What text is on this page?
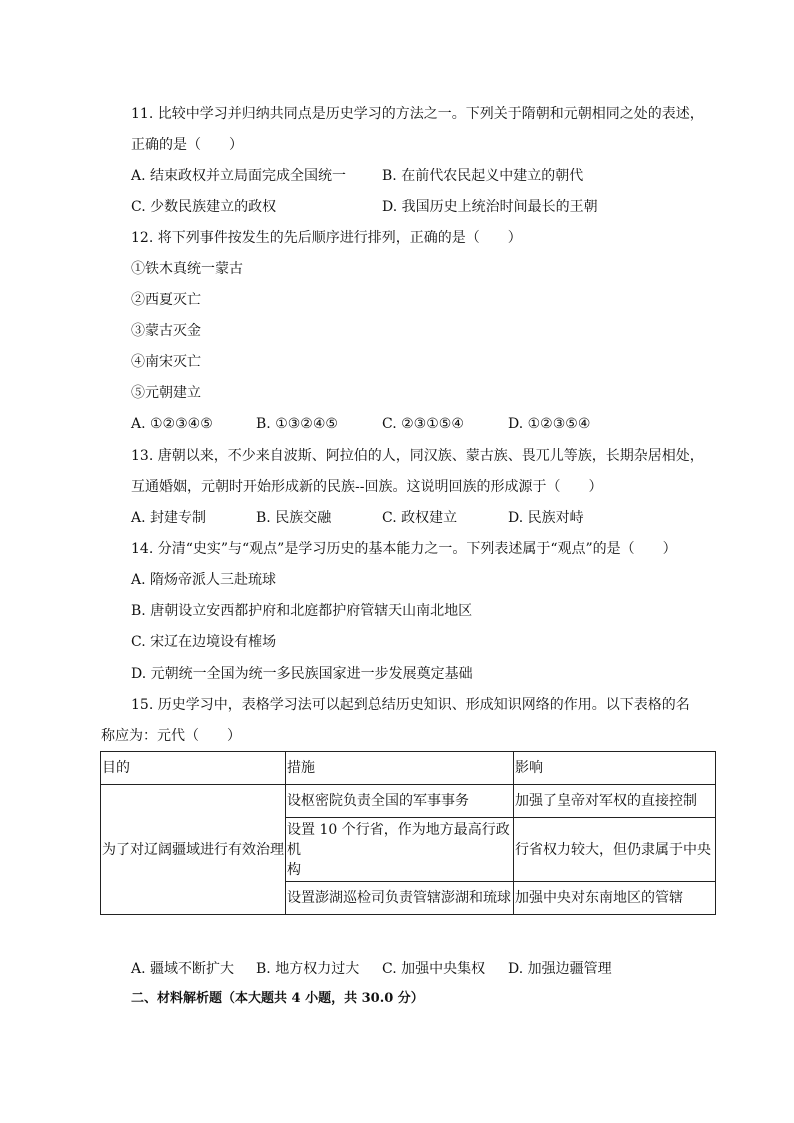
11. 比较中学习并归纳共同点是历史学习的方法之一。下列关于隋朝和元朝相同之处的表述，
正确的是（　　）
A. 结束政权并立局面完成全国统一	B. 在前代农民起义中建立的朝代
C. 少数民族建立的政权	D. 我国历史上统治时间最长的王朝
12. 将下列事件按发生的先后顺序进行排列，正确的是（　　）
①铁木真统一蒙古
②西夏灭亡
③蒙古灭金
④南宋灭亡
⑤元朝建立
A. ①②③④⑤	B. ①③②④⑤	C. ②③①⑤④	D. ①②③⑤④
13. 唐朝以来，不少来自波斯、阿拉伯的人，同汉族、蒙古族、畏兀儿等族，长期杂居相处，
互通婚姻，元朝时开始形成新的民族--回族。这说明回族的形成源于（　　）
A. 封建专制	B. 民族交融	C. 政权建立	D. 民族对峙
14. 分清“史实”与“观点”是学习历史的基本能力之一。下列表述属于“观点”的是（　　）
A. 隋炀帝派人三赴琉球
B. 唐朝设立安西都护府和北庭都护府管辖天山南北地区
C. 宋辽在边境设有榷场
D. 元朝统一全国为统一多民族国家进一步发展奠定基础
15. 历史学习中，表格学习法可以起到总结历史知识、形成知识网络的作用。以下表格的名
称应为：元代（　　）
目的	措施	影响
为了对辽阔疆域进行有效治理	设枢密院负责全国的军事事务	加强了皇帝对军权的直接控制

	设置 10 个行省，作为地方最高行政机
构	行省权力较大，但仍隶属于中央
	设置澎湖巡检司负责管辖澎湖和琉球	加强中央对东南地区的管辖
A. 疆域不断扩大 B. 地方权力过大 C. 加强中央集权 D. 加强边疆管理
二、材料解析题（本大题共 4 小题，共 30.0 分）
